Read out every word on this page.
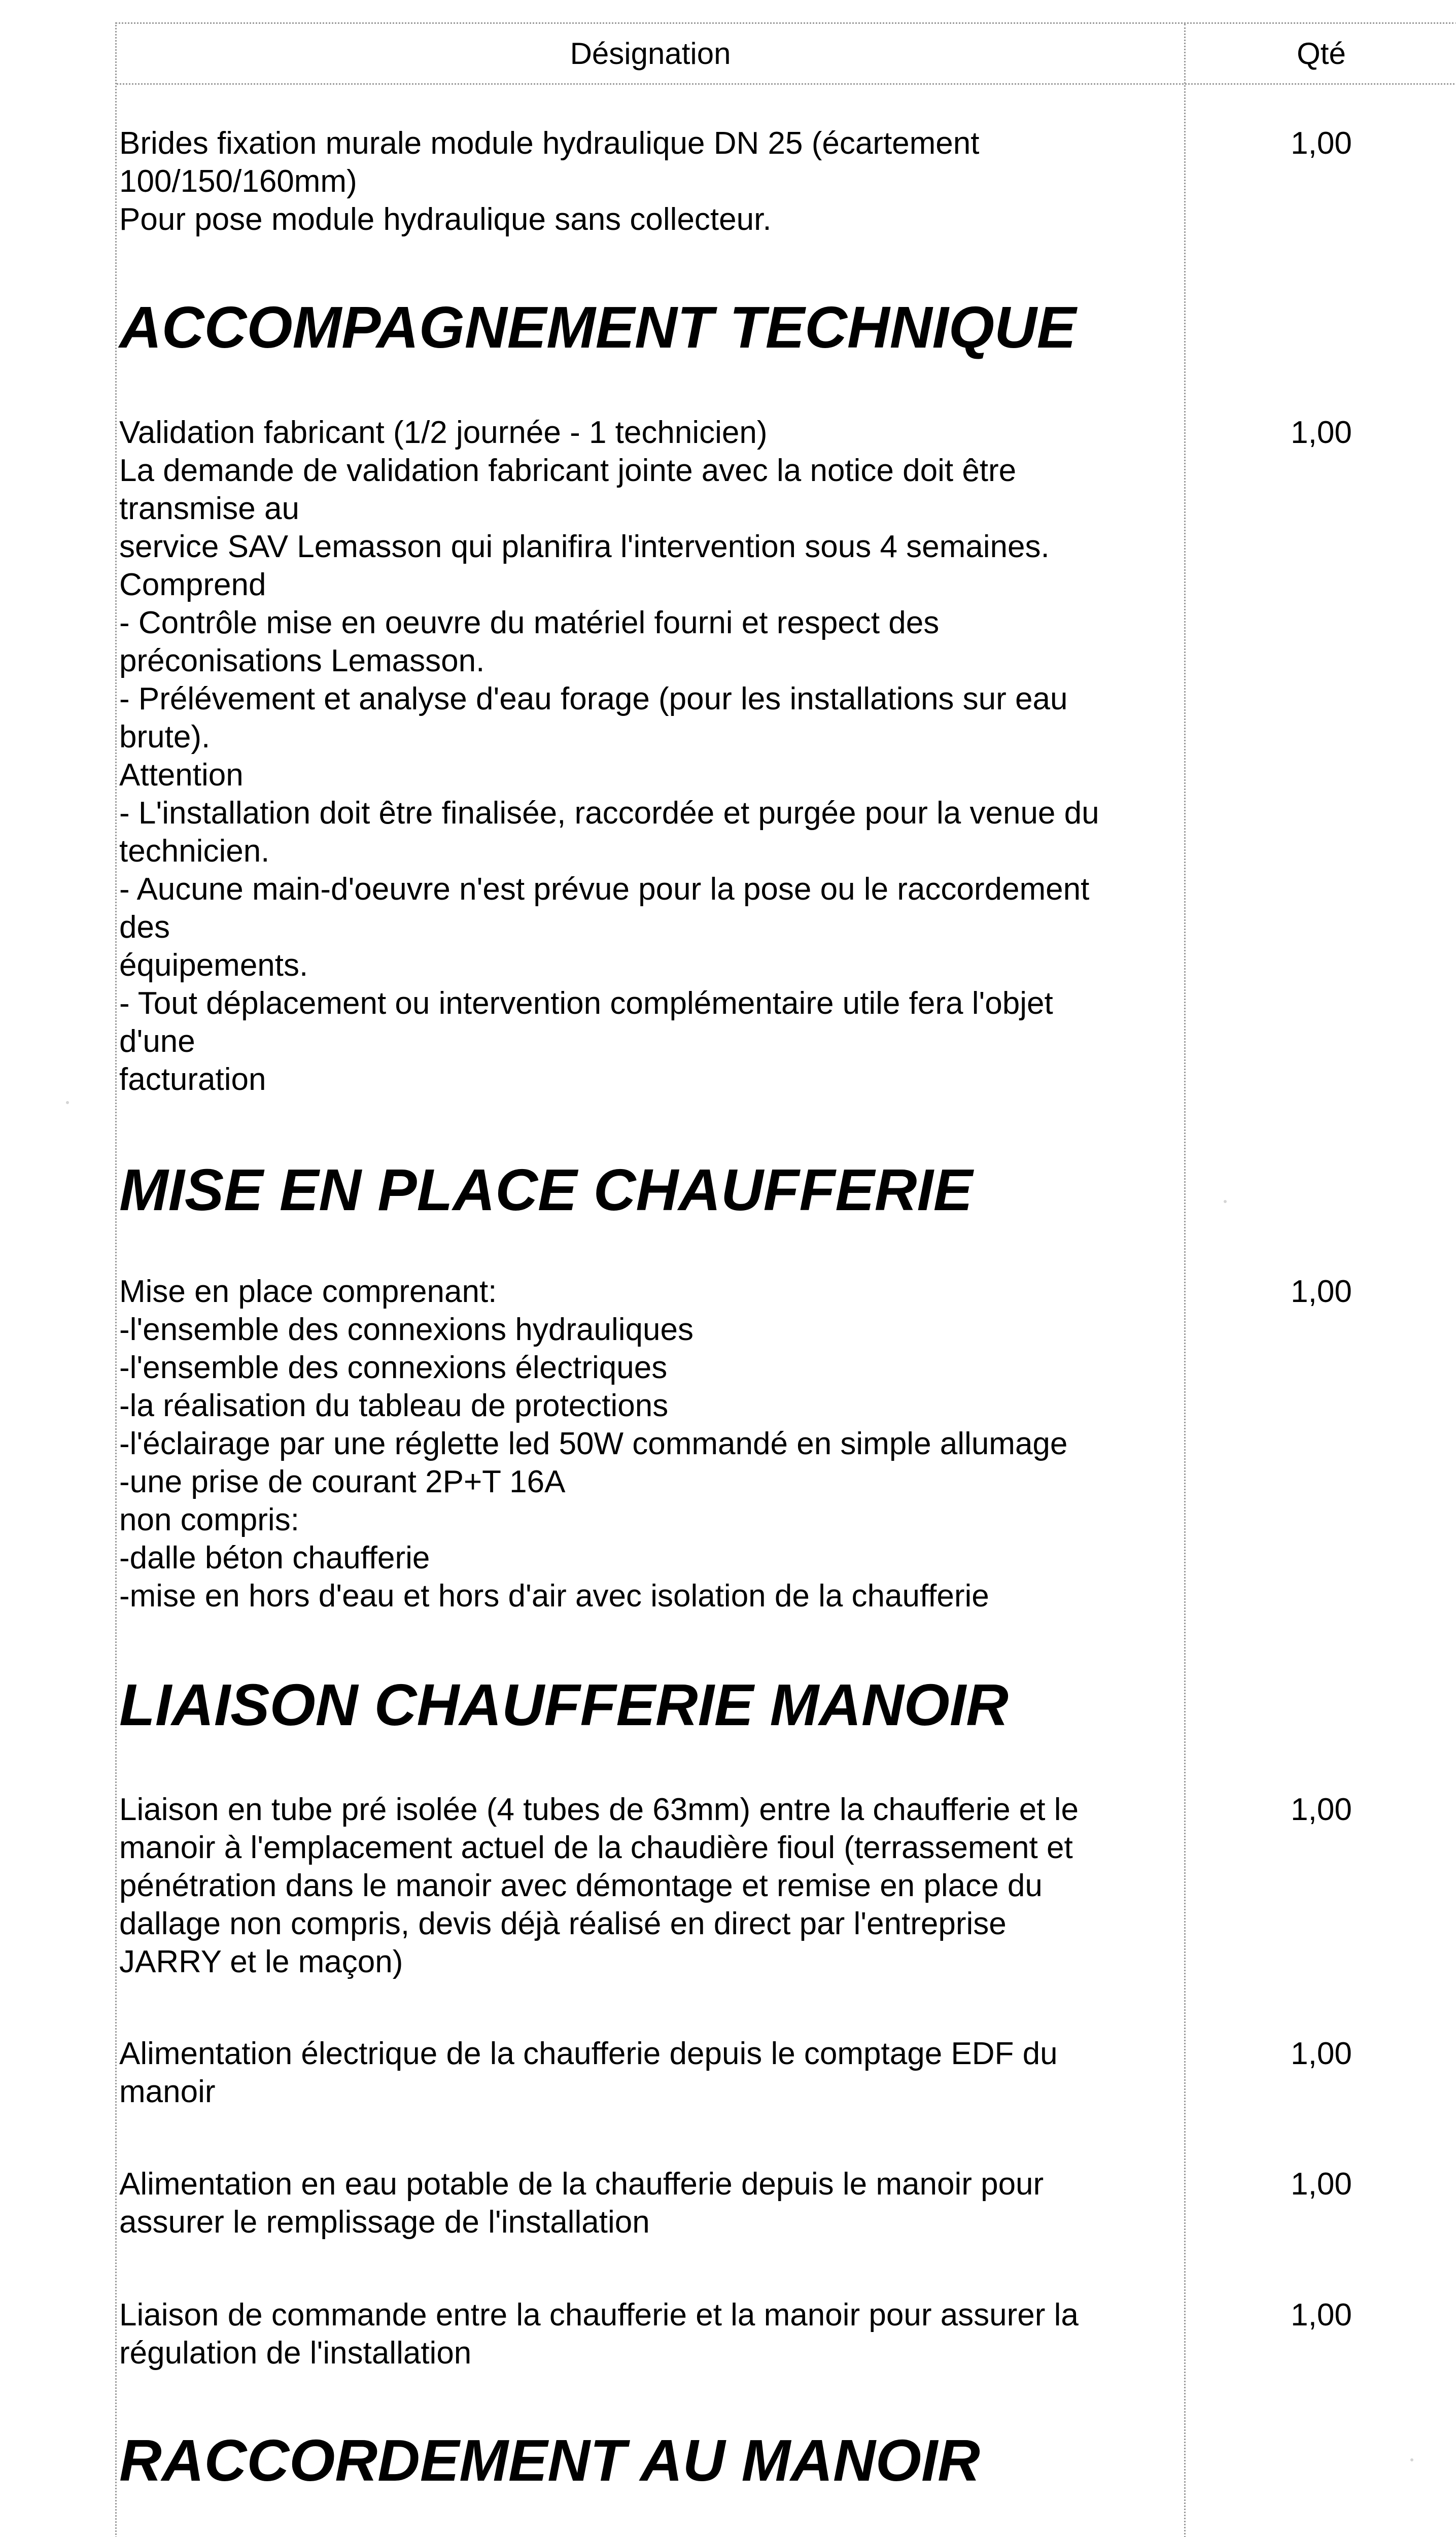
Désignation	Qté
Brides fixation murale module hydraulique DN 25 (écartement
100/150/160mm)
Pour pose module hydraulique sans collecteur.
1,00
ACCOMPAGNEMENT TECHNIQUE
Validation fabricant (1/2 journée - 1 technicien)
La demande de validation fabricant jointe avec la notice doit être
transmise au
service SAV Lemasson qui planifira l'intervention sous 4 semaines.
Comprend
- Contrôle mise en oeuvre du matériel fourni et respect des
préconisations Lemasson.
- Prélévement et analyse d'eau forage (pour les installations sur eau
brute).
Attention
- L'installation doit être finalisée, raccordée et purgée pour la venue du
technicien.
- Aucune main-d'oeuvre n'est prévue pour la pose ou le raccordement
des
équipements.
- Tout déplacement ou intervention complémentaire utile fera l'objet
d'une
facturation
1,00
MISE EN PLACE CHAUFFERIE
Mise en place comprenant:
-l'ensemble des connexions hydrauliques
-l'ensemble des connexions électriques
-la réalisation du tableau de protections
-l'éclairage par une réglette led 50W commandé en simple allumage
-une prise de courant 2P+T 16A
non compris:
-dalle béton chaufferie
-mise en hors d'eau et hors d'air avec isolation de la chaufferie
1,00
LIAISON CHAUFFERIE MANOIR
Liaison en tube pré isolée (4 tubes de 63mm) entre la chaufferie et le
manoir à l'emplacement actuel de la chaudière fioul (terrassement et
pénétration dans le manoir avec démontage et remise en place du
dallage non compris, devis déjà réalisé en direct par l'entreprise
JARRY et le maçon)
1,00
Alimentation électrique de la chaufferie depuis le comptage EDF du
manoir
1,00
Alimentation en eau potable de la chaufferie depuis le manoir pour
assurer le remplissage de l'installation
1,00
Liaison de commande entre la chaufferie et la manoir pour assurer la
régulation de l'installation
1,00
RACCORDEMENT AU MANOIR
